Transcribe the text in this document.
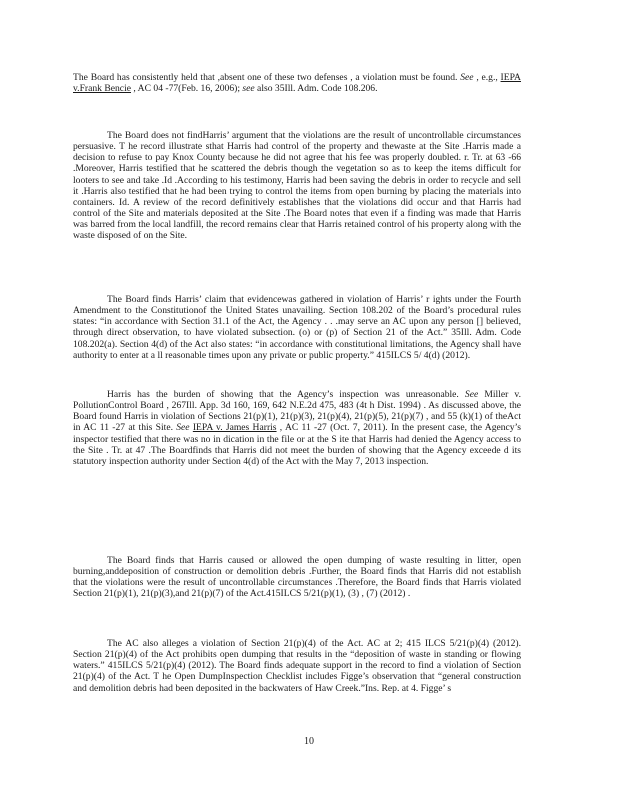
The Board has consistently held that ,absent one of these two defenses , a violation must be found. See , e.g., IEPA v.Frank Bencie , AC 04 -77(Feb. 16, 2006); see also 35Ill. Adm. Code 108.206.

The Board does not findHarris’ argument that the violations are the result of uncontrollable circumstances persuasive. T he record illustrate sthat Harris had control of the property and thewaste at the Site .Harris made a decision to refuse to pay Knox County because he did not agree that his fee was properly doubled. r. Tr. at 63 -66 .Moreover, Harris testified that he scattered the debris though the vegetation so as to keep the items difficult for looters to see and take .Id .According to his testimony, Harris had been saving the debris in order to recycle and sell it .Harris also testified that he had been trying to control the items from open burning by placing the materials into containers. Id. A review of the record definitively establishes that the violations did occur and that Harris had control of the Site and materials deposited at the Site .The Board notes that even if a finding was made that Harris was barred from the local landfill, the record remains clear that Harris retained control of his property along with the waste disposed of on the Site.

The Board finds Harris’ claim that evidencewas gathered in violation of Harris’ r ights under the Fourth Amendment to the Constitutionof the United States unavailing. Section 108.202 of the Board’s procedural rules states: “in accordance with Section 31.1 of the Act, the Agency . . .may serve an AC upon any person [] believed, through direct observation, to have violated subsection. (o) or (p) of Section 21 of the Act.” 35Ill. Adm. Code 108.202(a). Section 4(d) of the Act also states: “in accordance with constitutional limitations, the Agency shall have authority to enter at a ll reasonable times upon any private or public property.” 415ILCS 5/ 4(d) (2012).

Harris has the burden of showing that the Agency’s inspection was unreasonable. See Miller v. PollutionControl Board , 267Ill. App. 3d 160, 169, 642 N.E.2d 475, 483 (4t h Dist. 1994) . As discussed above, the Board found Harris in violation of Sections 21(p)(1), 21(p)(3), 21(p)(4), 21(p)(5), 21(p)(7) , and 55 (k)(1) of theAct in AC 11 -27 at this Site. See IEPA v. James Harris , AC 11 -27 (Oct. 7, 2011). In the present case, the Agency’s inspector testified that there was no in dication in the file or at the S ite that Harris had denied the Agency access to the Site . Tr. at 47 .The Boardfinds that Harris did not meet the burden of showing that the Agency exceede d its statutory inspection authority under Section 4(d) of the Act with the May 7, 2013 inspection.

The Board finds that Harris caused or allowed the open dumping of waste resulting in litter, open burning,anddeposition of construction or demolition debris .Further, the Board finds that Harris did not establish that the violations were the result of uncontrollable circumstances .Therefore, the Board finds that Harris violated Section 21(p)(1), 21(p)(3),and 21(p)(7) of the Act.415ILCS 5/21(p)(1), (3) , (7) (2012) .

The AC also alleges a violation of Section 21(p)(4) of the Act. AC at 2; 415 ILCS 5/21(p)(4) (2012). Section 21(p)(4) of the Act prohibits open dumping that results in the “deposition of waste in standing or flowing waters.” 415ILCS 5/21(p)(4) (2012). The Board finds adequate support in the record to find a violation of Section 21(p)(4) of the Act. T he Open DumpInspection Checklist includes Figge’s observation that “general construction and demolition debris had been deposited in the backwaters of Haw Creek.”Ins. Rep. at 4. Figge’ s

10
